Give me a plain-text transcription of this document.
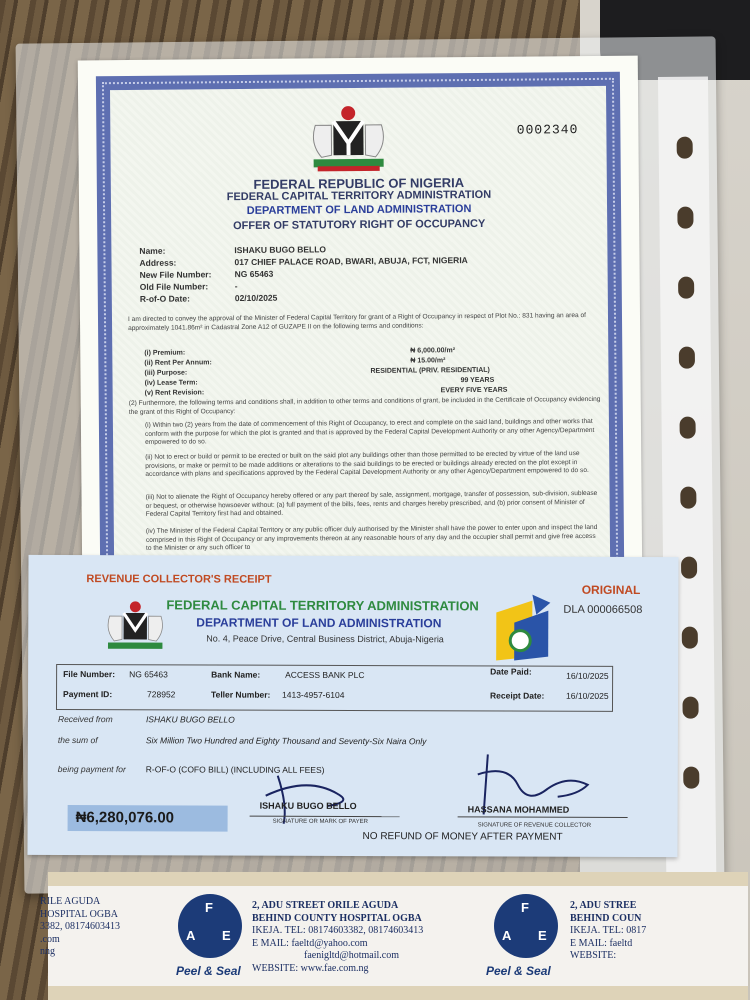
0002340
FEDERAL REPUBLIC OF NIGERIA
FEDERAL CAPITAL TERRITORY ADMINISTRATION
DEPARTMENT OF LAND ADMINISTRATION
OFFER OF STATUTORY RIGHT OF OCCUPANCY
Name:	ISHAKU BUGO BELLO
Address:	017 CHIEF PALACE ROAD, BWARI, ABUJA, FCT, NIGERIA
New File Number:	NG 65463
Old File Number:	-
R-of-O Date:	02/10/2025
I am directed to convey the approval of the Minister of Federal Capital Territory for grant of a Right of Occupancy in respect of Plot No.: 831 having an area of approximately 1041.86m² in Cadastral Zone A12 of GUZAPE II on the following terms and conditions:
(i) Premium:	₦ 6,000.00/m²
(ii) Rent Per Annum:	₦ 15.00/m²
(iii) Purpose:	RESIDENTIAL (PRIV. RESIDENTIAL)
(iv) Lease Term:	99 YEARS
(v) Rent Revision:	EVERY FIVE YEARS
(2) Furthermore, the following terms and conditions shall, in addition to other terms and conditions of grant, be included in the Certificate of Occupancy evidencing the grant of this Right of Occupancy:
(i) Within two (2) years from the date of commencement of this Right of Occupancy, to erect and complete on the said land, buildings and other works that conform with the purpose for which the plot is granted and that is approved by the Federal Capital Development Authority or any other Agency/Department empowered to do so.
(ii) Not to erect or build or permit to be erected or built on the said plot any buildings other than those permitted to be erected by virtue of the land use provisions, or make or permit to be made additions or alterations to the said buildings to be erected or buildings already erected on the plot except in accordance with plans and specifications approved by the Federal Capital Development Authority or any other Agency/Department empowered to do so.
(iii) Not to alienate the Right of Occupancy hereby offered or any part thereof by sale, assignment, mortgage, transfer of possession, sub-division, sublease or bequest, or otherwise howsoever without: (a) full payment of the bills, fees, rents and charges hereby prescribed, and (b) prior consent of Minister of Federal Capital Territory first had and obtained.
(iv) The Minister of the Federal Capital Territory or any public officer duly authorised by the Minister shall have the power to enter upon and inspect the land comprised in this Right of Occupancy or any improvements thereon at any reasonable hours of any day and the occupier shall permit and give free access to the Minister or any such officer to
REVENUE COLLECTOR'S RECEIPT
ORIGINAL
DLA 000066508
FEDERAL CAPITAL TERRITORY ADMINISTRATION
DEPARTMENT OF LAND ADMINISTRATION
No. 4, Peace Drive, Central Business District, Abuja-Nigeria
File Number: NG 65463	Bank Name:	ACCESS BANK PLC	Date Paid:	16/10/2025
Payment ID:	728952	Teller Number: 1413-4957-6104	Receipt Date:	16/10/2025
Received from	ISHAKU BUGO BELLO
the sum of	Six Million Two Hundred and Eighty Thousand and Seventy-Six Naira Only
being payment for R-OF-O (COFO BILL) (INCLUDING ALL FEES)
ISHAKU BUGO BELLO
SIGNATURE OR MARK OF PAYER
HASSANA MOHAMMED
SIGNATURE OF REVENUE COLLECTOR
₦6,280,076.00
NO REFUND OF MONEY AFTER PAYMENT
RILE AGUDA
HOSPITAL OGBA
3382, 08174603413
.com
nng
F
A E
Peel & Seal
2, ADU STREET ORILE AGUDA
BEHIND COUNTY HOSPITAL OGBA
IKEJA. TEL: 08174603382, 08174603413
E MAIL: faeltd@yahoo.com
faenigltd@hotmail.com
WEBSITE: www.fae.com.ng
F
A E
Peel & Seal
2, ADU STREE
BEHIND COUN
IKEJA. TEL: 0817
E MAIL: faeltd
WEBSITE:
